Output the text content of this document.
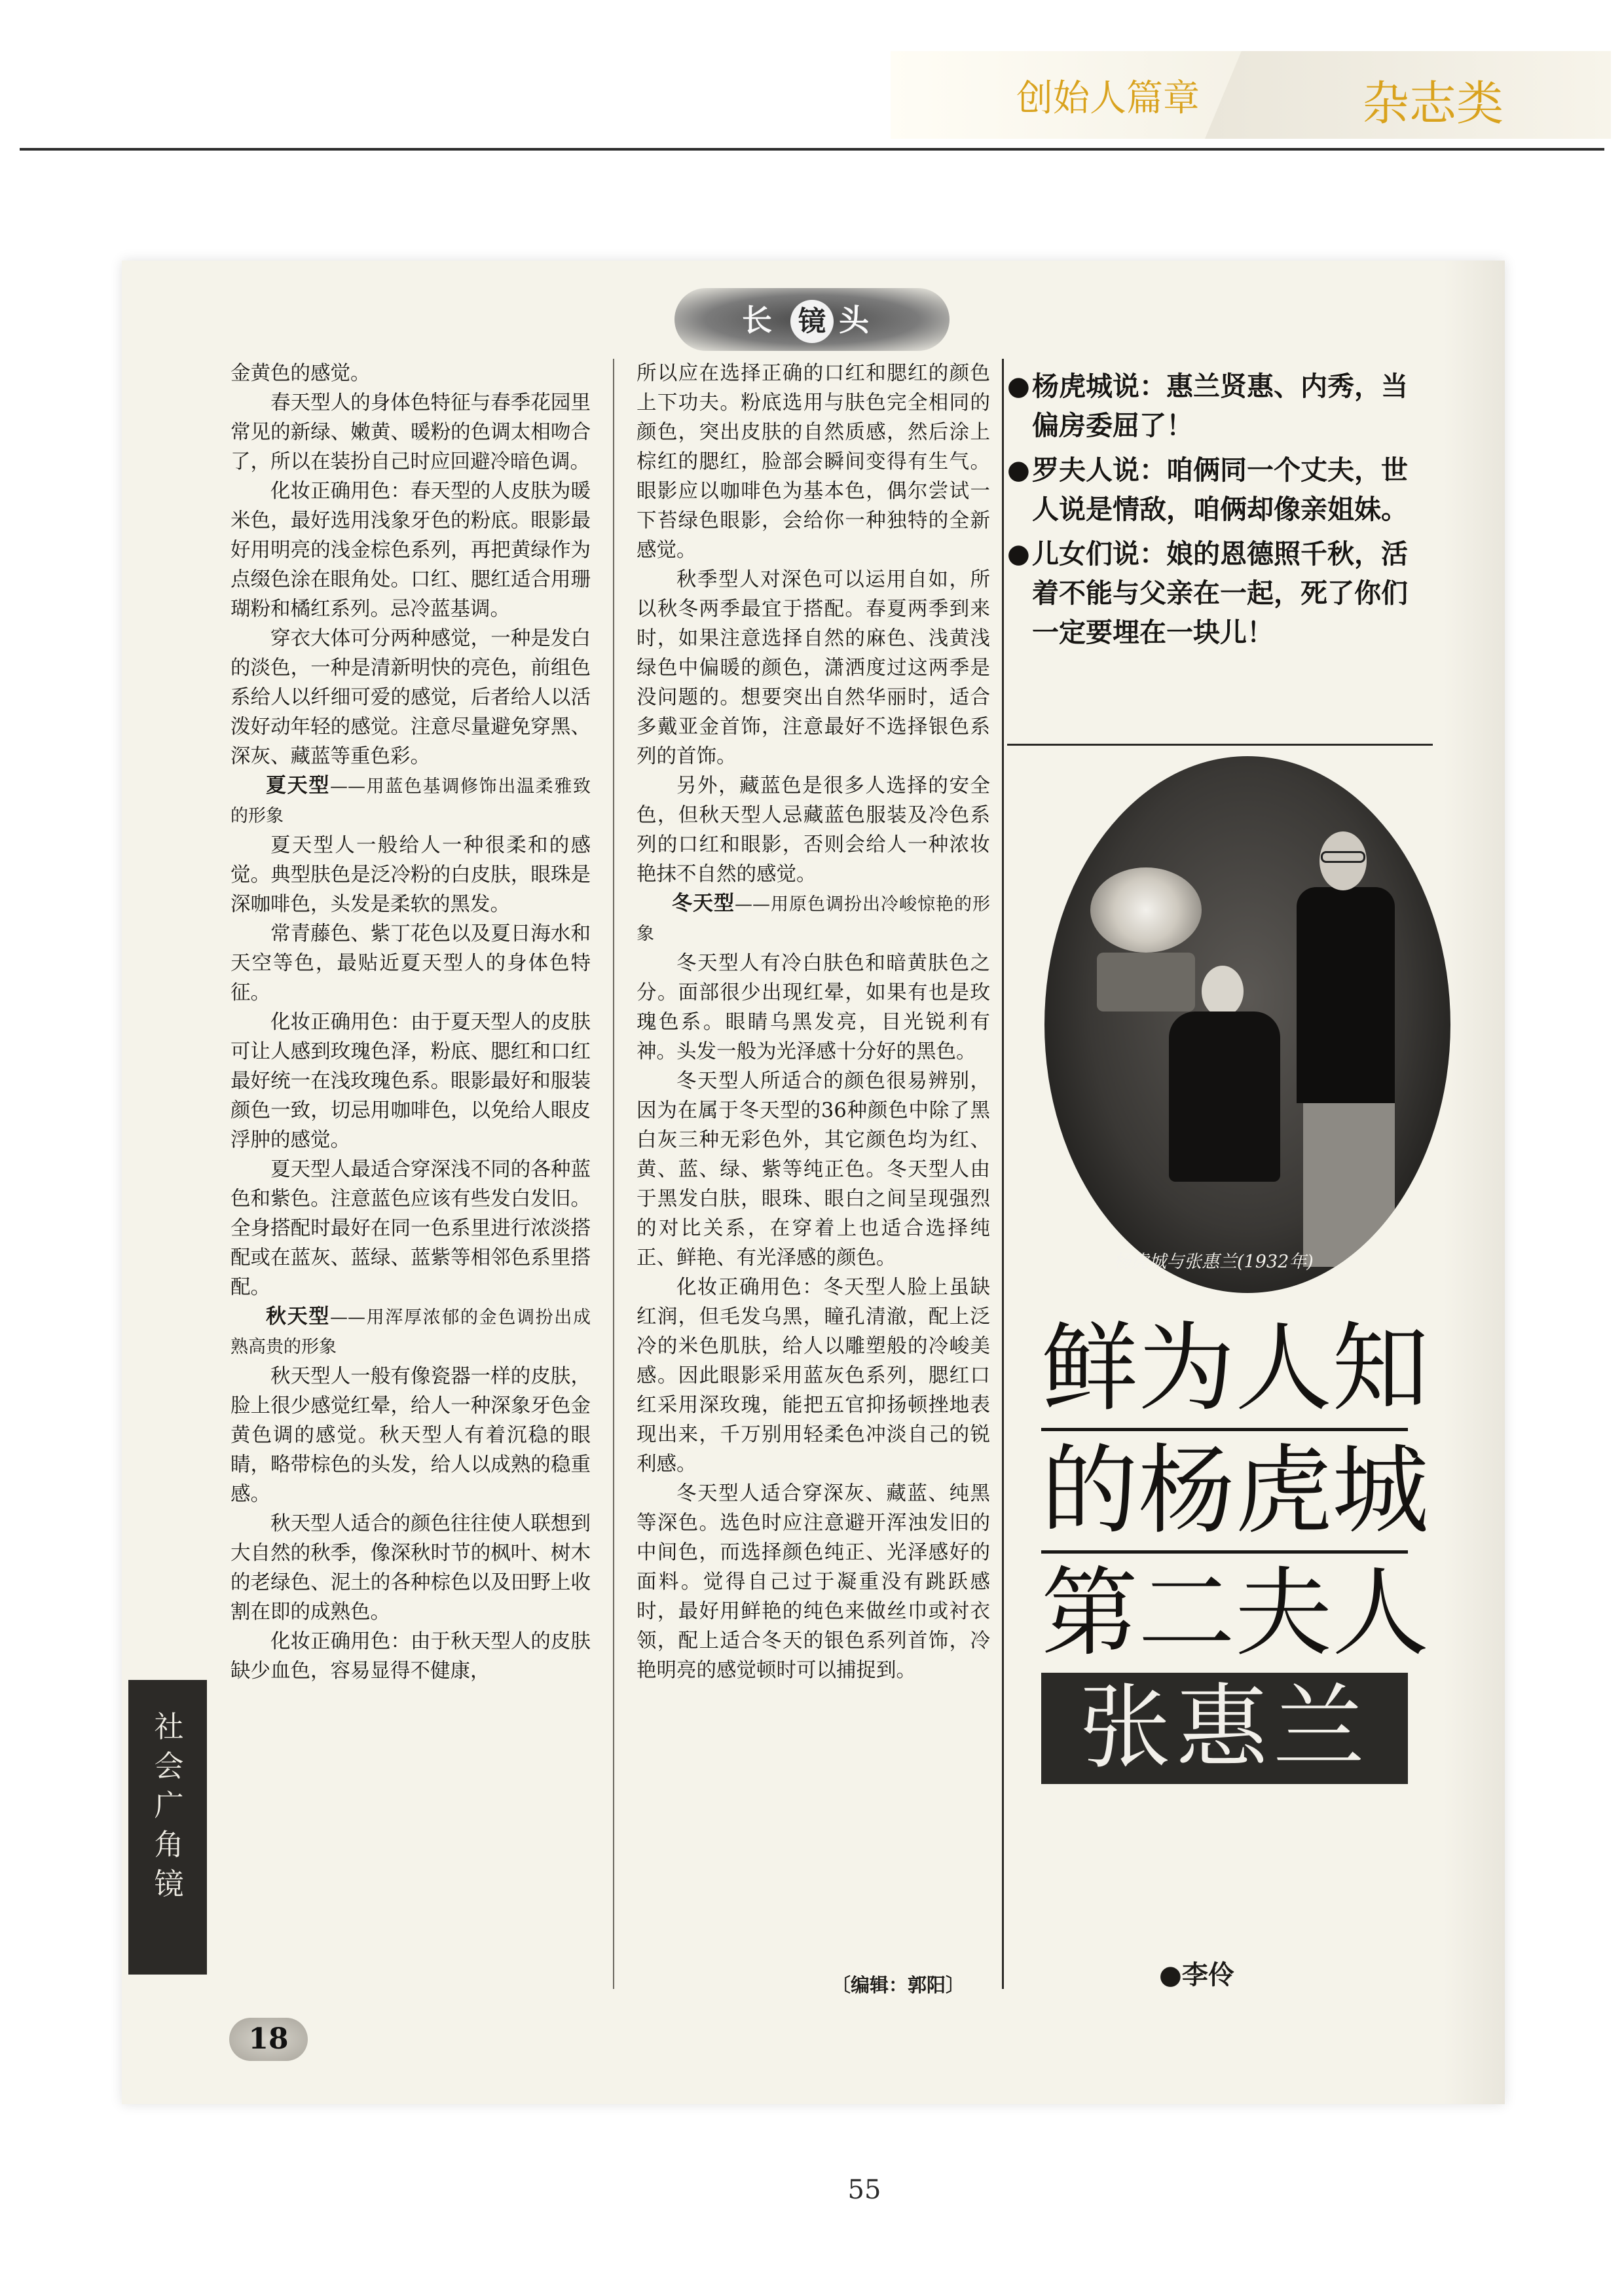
创始人篇章	杂志类
长 镜 头

金黄色的感觉。

春天型人的身体色特征与春季花园里常见的新绿、嫩黄、暖粉的色调太相吻合了，所以在装扮自己时应回避冷暗色调。

化妆正确用色：春天型的人皮肤为暖米色，最好选用浅象牙色的粉底。眼影最好用明亮的浅金棕色系列，再把黄绿作为点缀色涂在眼角处。口红、腮红适合用珊瑚粉和橘红系列。忌冷蓝基调。

穿衣大体可分两种感觉，一种是发白的淡色，一种是清新明快的亮色，前组色系给人以纤细可爱的感觉，后者给人以活泼好动年轻的感觉。注意尽量避免穿黑、深灰、藏蓝等重色彩。

夏天型——用蓝色基调修饰出温柔雅致的形象

夏天型人一般给人一种很柔和的感觉。典型肤色是泛冷粉的白皮肤，眼珠是深咖啡色，头发是柔软的黑发。

常青藤色、紫丁花色以及夏日海水和天空等色，最贴近夏天型人的身体色特征。

化妆正确用色：由于夏天型人的皮肤可让人感到玫瑰色泽，粉底、腮红和口红最好统一在浅玫瑰色系。眼影最好和服装颜色一致，切忌用咖啡色，以免给人眼皮浮肿的感觉。

夏天型人最适合穿深浅不同的各种蓝色和紫色。注意蓝色应该有些发白发旧。全身搭配时最好在同一色系里进行浓淡搭配或在蓝灰、蓝绿、蓝紫等相邻色系里搭配。

秋天型——用浑厚浓郁的金色调扮出成熟高贵的形象

秋天型人一般有像瓷器一样的皮肤，脸上很少感觉红晕，给人一种深象牙色金黄色调的感觉。秋天型人有着沉稳的眼睛，略带棕色的头发，给人以成熟的稳重感。

秋天型人适合的颜色往往使人联想到大自然的秋季，像深秋时节的枫叶、树木的老绿色、泥土的各种棕色以及田野上收割在即的成熟色。

化妆正确用色：由于秋天型人的皮肤缺少血色，容易显得不健康，

所以应在选择正确的口红和腮红的颜色上下功夫。粉底选用与肤色完全相同的颜色，突出皮肤的自然质感，然后涂上棕红的腮红，脸部会瞬间变得有生气。眼影应以咖啡色为基本色，偶尔尝试一下苔绿色眼影，会给你一种独特的全新感觉。

秋季型人对深色可以运用自如，所以秋冬两季最宜于搭配。春夏两季到来时，如果注意选择自然的麻色、浅黄浅绿色中偏暖的颜色，潇洒度过这两季是没问题的。想要突出自然华丽时，适合多戴亚金首饰，注意最好不选择银色系列的首饰。

另外，藏蓝色是很多人选择的安全色，但秋天型人忌藏蓝色服装及冷色系列的口红和眼影，否则会给人一种浓妆艳抹不自然的感觉。

冬天型——用原色调扮出冷峻惊艳的形象

冬天型人有冷白肤色和暗黄肤色之分。面部很少出现红晕，如果有也是玫瑰色系。眼睛乌黑发亮，目光锐利有神。头发一般为光泽感十分好的黑色。

冬天型人所适合的颜色很易辨别，因为在属于冬天型的36种颜色中除了黑白灰三种无彩色外，其它颜色均为红、黄、蓝、绿、紫等纯正色。冬天型人由于黑发白肤，眼珠、眼白之间呈现强烈的对比关系，在穿着上也适合选择纯正、鲜艳、有光泽感的颜色。

化妆正确用色：冬天型人脸上虽缺红润，但毛发乌黑，瞳孔清澈，配上泛冷的米色肌肤，给人以雕塑般的冷峻美感。因此眼影采用蓝灰色系列，腮红口红采用深玫瑰，能把五官抑扬顿挫地表现出来，千万别用轻柔色冲淡自己的锐利感。

冬天型人适合穿深灰、藏蓝、纯黑等深色。选色时应注意避开浑浊发旧的中间色，而选择颜色纯正、光泽感好的面料。觉得自己过于凝重没有跳跃感时，最好用鲜艳的纯色来做丝巾或衬衣领，配上适合冬天的银色系列首饰，冷艳明亮的感觉顿时可以捕捉到。

〔编辑：郭阳〕
● 杨虎城说：惠兰贤惠、内秀，当偏房委屈了！
● 罗夫人说：咱俩同一个丈夫，世人说是情敌，咱俩却像亲姐妹。
● 儿女们说：娘的恩德照千秋，活着不能与父亲在一起，死了你们一定要埋在一块儿！
杨虎城与张惠兰(1932年)
鲜为人知
的杨虎城
第二夫人
张惠兰
●李伶
社
会
广
角
镜
18
55
